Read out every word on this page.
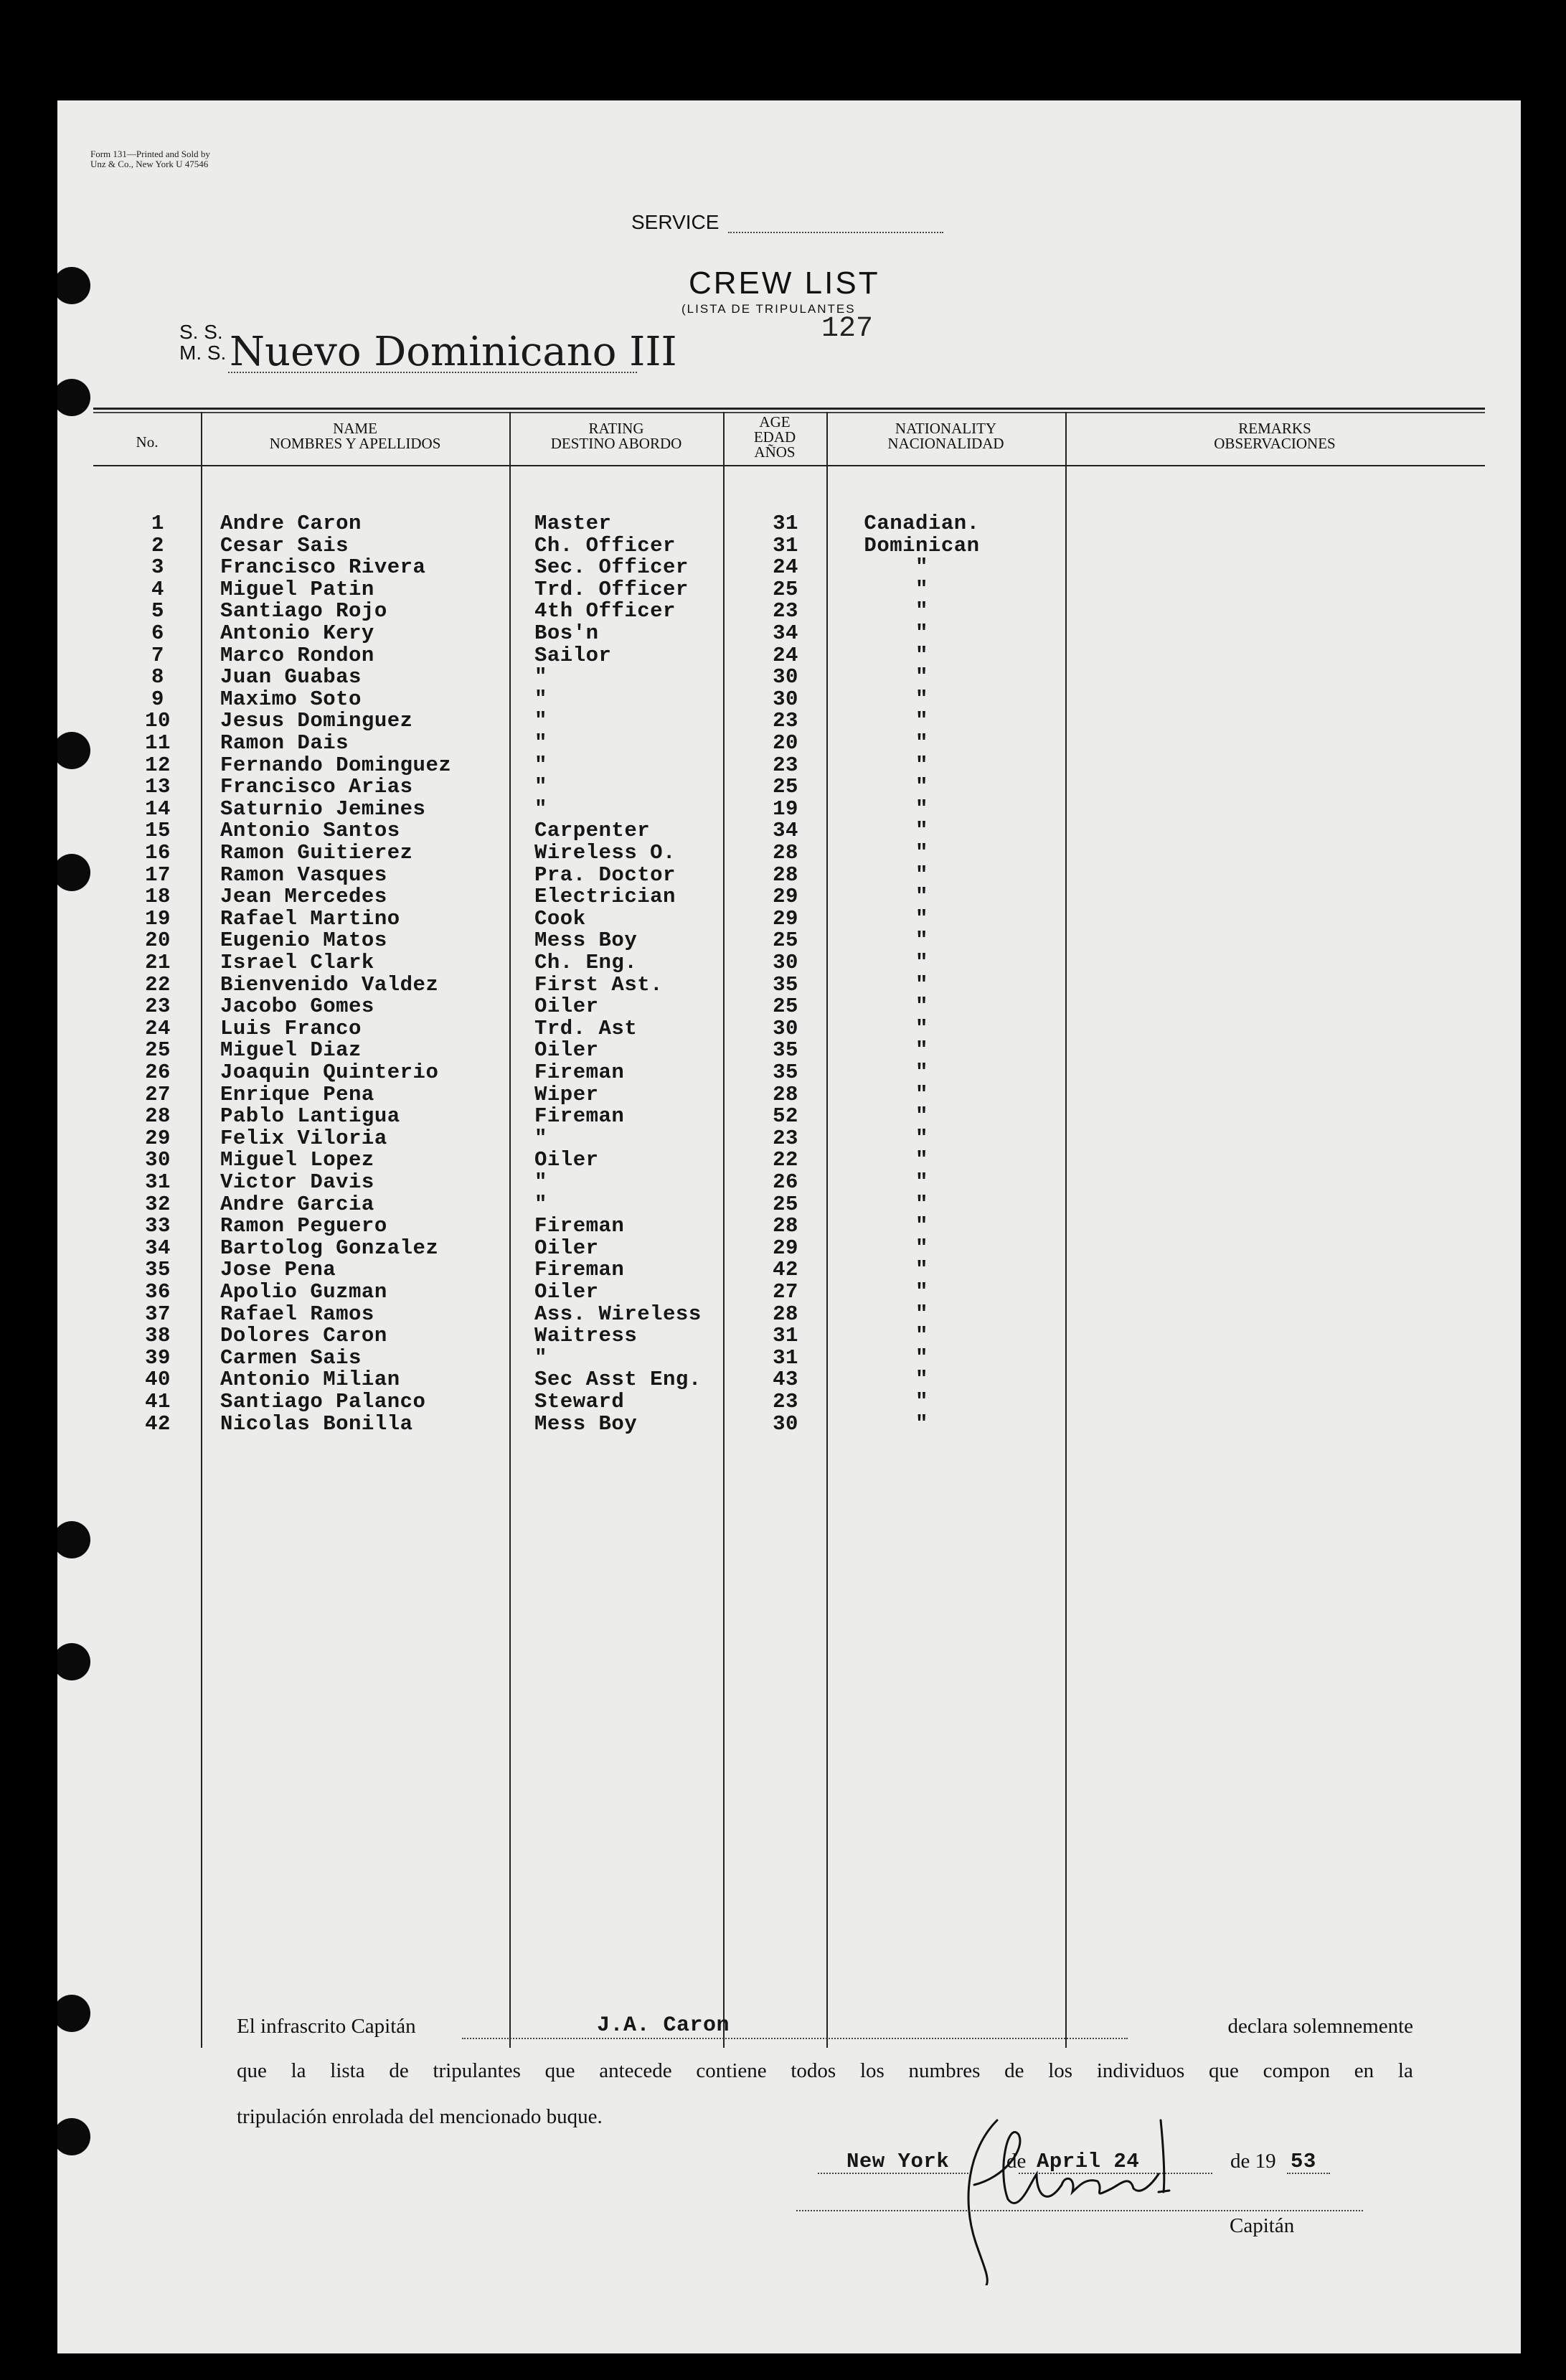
Form 131—Printed and Sold by
Unz & Co., New York U 47546
SERVICE
CREW LIST
(LISTA DE TRIPULANTES
127
S. S.
M. S. Nuevo Dominicano III
No.
NAME
NOMBRES Y APELLIDOS
RATING
DESTINO ABORDO
AGE
EDAD
AÑOS
NATIONALITY
NACIONALIDAD
REMARKS
OBSERVACIONES
1	Andre Caron	Master	31	Canadian.
2	Cesar Sais	Ch. Officer	31	Dominican
3	Francisco Rivera	Sec. Officer	24	"
4	Miguel Patin	Trd. Officer	25	"
5	Santiago Rojo	4th Officer	23	"
6	Antonio Kery	Bos'n	34	"
7	Marco Rondon	Sailor	24	"
8	Juan Guabas	"	30	"
9	Maximo Soto	"	30	"
10	Jesus Dominguez	"	23	"
11	Ramon Dais	"	20	"
12	Fernando Dominguez	"	23	"
13	Francisco Arias	"	25	"
14	Saturnio Jemines	"	19	"
15	Antonio Santos	Carpenter	34	"
16	Ramon Guitierez	Wireless O.	28	"
17	Ramon Vasques	Pra. Doctor	28	"
18	Jean Mercedes	Electrician	29	"
19	Rafael Martino	Cook	29	"
20	Eugenio Matos	Mess Boy	25	"
21	Israel Clark	Ch. Eng.	30	"
22	Bienvenido Valdez	First Ast.	35	"
23	Jacobo Gomes	Oiler	25	"
24	Luis Franco	Trd. Ast	30	"
25	Miguel Diaz	Oiler	35	"
26	Joaquin Quinterio	Fireman	35	"
27	Enrique Pena	Wiper	28	"
28	Pablo Lantigua	Fireman	52	"
29	Felix Viloria	"	23	"
30	Miguel Lopez	Oiler	22	"
31	Victor Davis	"	26	"
32	Andre Garcia	"	25	"
33	Ramon Peguero	Fireman	28	"
34	Bartolog Gonzalez	Oiler	29	"
35	Jose Pena	Fireman	42	"
36	Apolio Guzman	Oiler	27	"
37	Rafael Ramos	Ass. Wireless	28	"
38	Dolores Caron	Waitress	31	"
39	Carmen Sais	"	31	"
40	Antonio Milian	Sec Asst Eng.	43	"
41	Santiago Palanco	Steward	23	"
42	Nicolas Bonilla	Mess Boy	30	"
El infrascrito Capitán	J.A. Caron	declara solemnemente
que la lista de tripulantes que antecede contiene todos los numbres de los individuos que compon en la
tripulación enrolada del mencionado buque.
New York	de April 24	de 19 53
Capitán
